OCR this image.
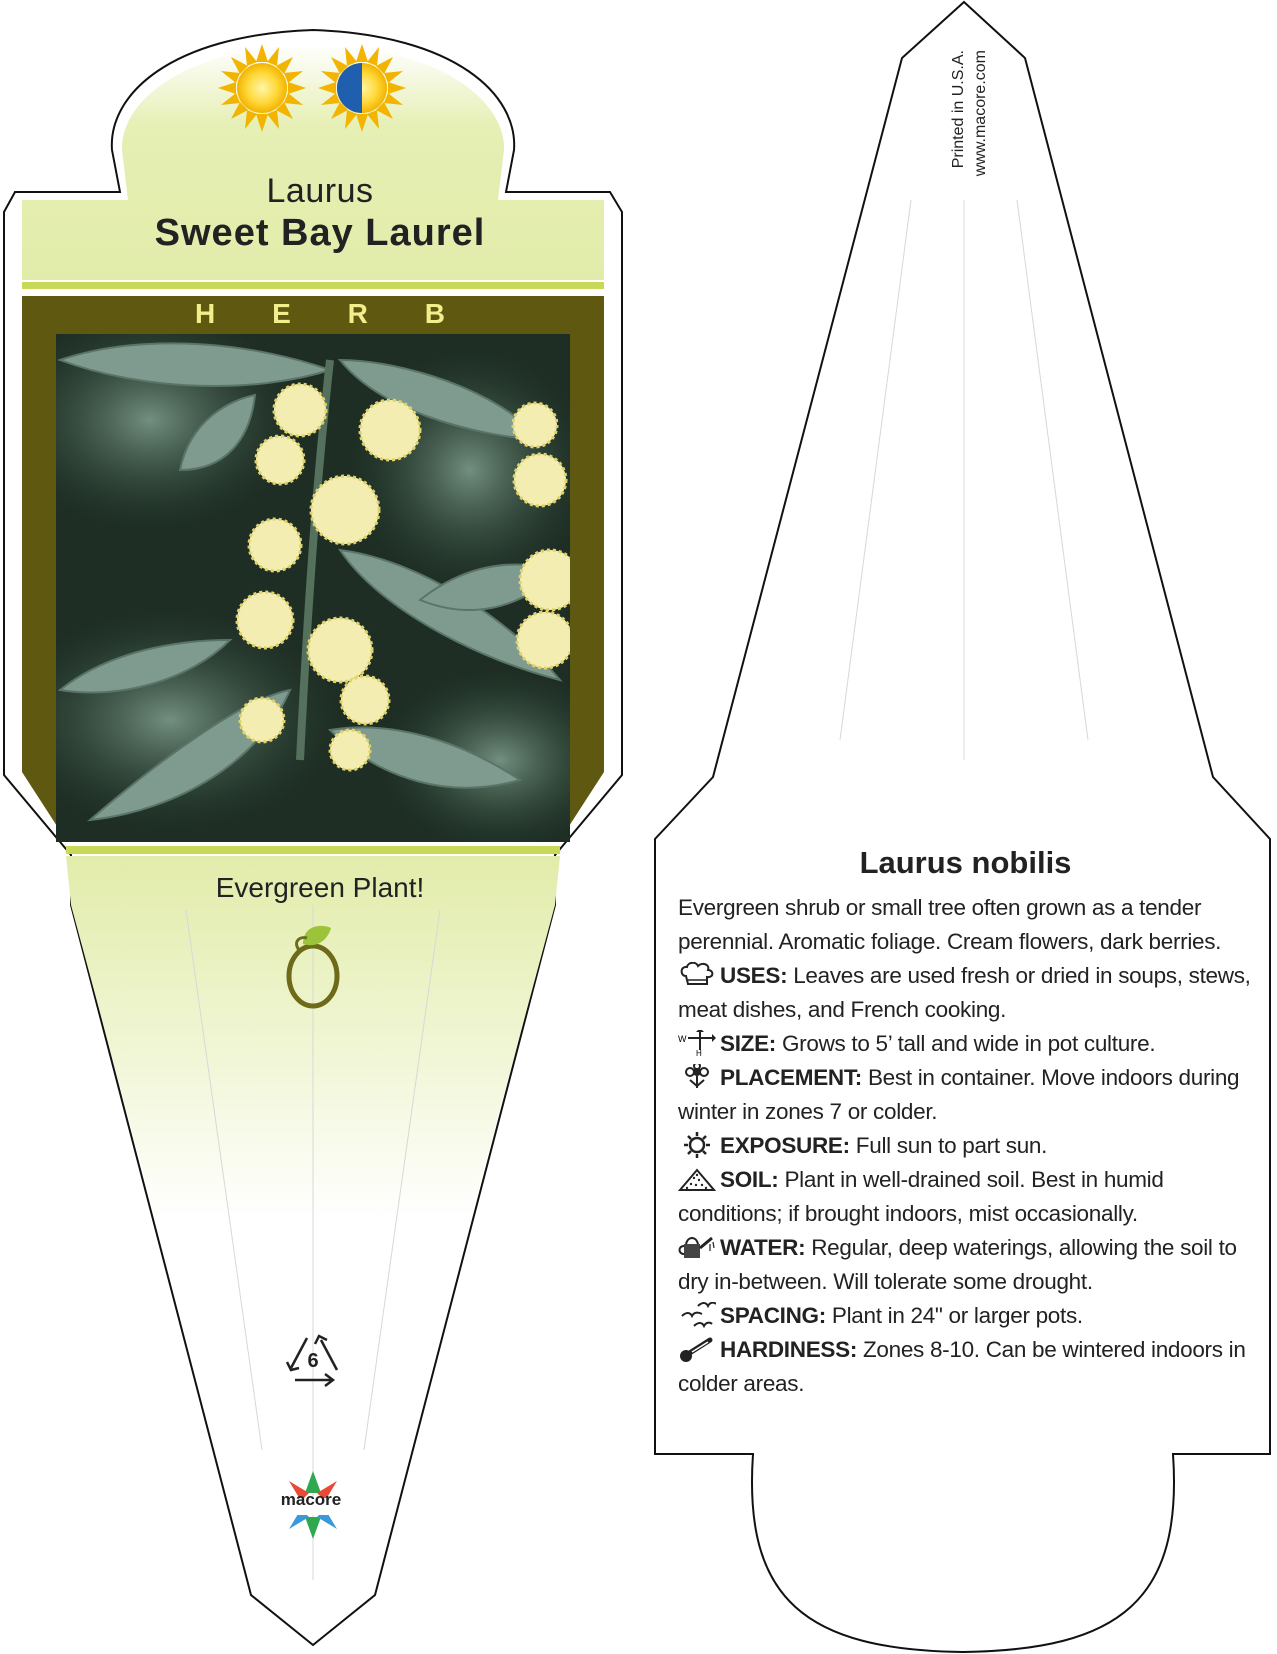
Laurus
Sweet Bay Laurel
H E R B
Evergreen Plant!
6
macore
Printed in U.S.A. www.macore.com
Laurus nobilis

Evergreen shrub or small tree often grown as a tender perennial. Aromatic foliage. Cream flowers, dark berries.

USES: Leaves are used fresh or dried in soups, stews, meat dishes, and French cooking.

W
H SIZE: Grows to 5’ tall and wide in pot culture.

PLACEMENT: Best in container. Move indoors during winter in zones 7 or colder.

EXPOSURE: Full sun to part sun.

SOIL: Plant in well-drained soil. Best in humid conditions; if brought indoors, mist occasionally.

WATER: Regular, deep waterings, allowing the soil to dry in-between. Will tolerate some drought.

SPACING: Plant in 24" or larger pots.

HARDINESS: Zones 8-10. Can be wintered indoors in colder areas.
